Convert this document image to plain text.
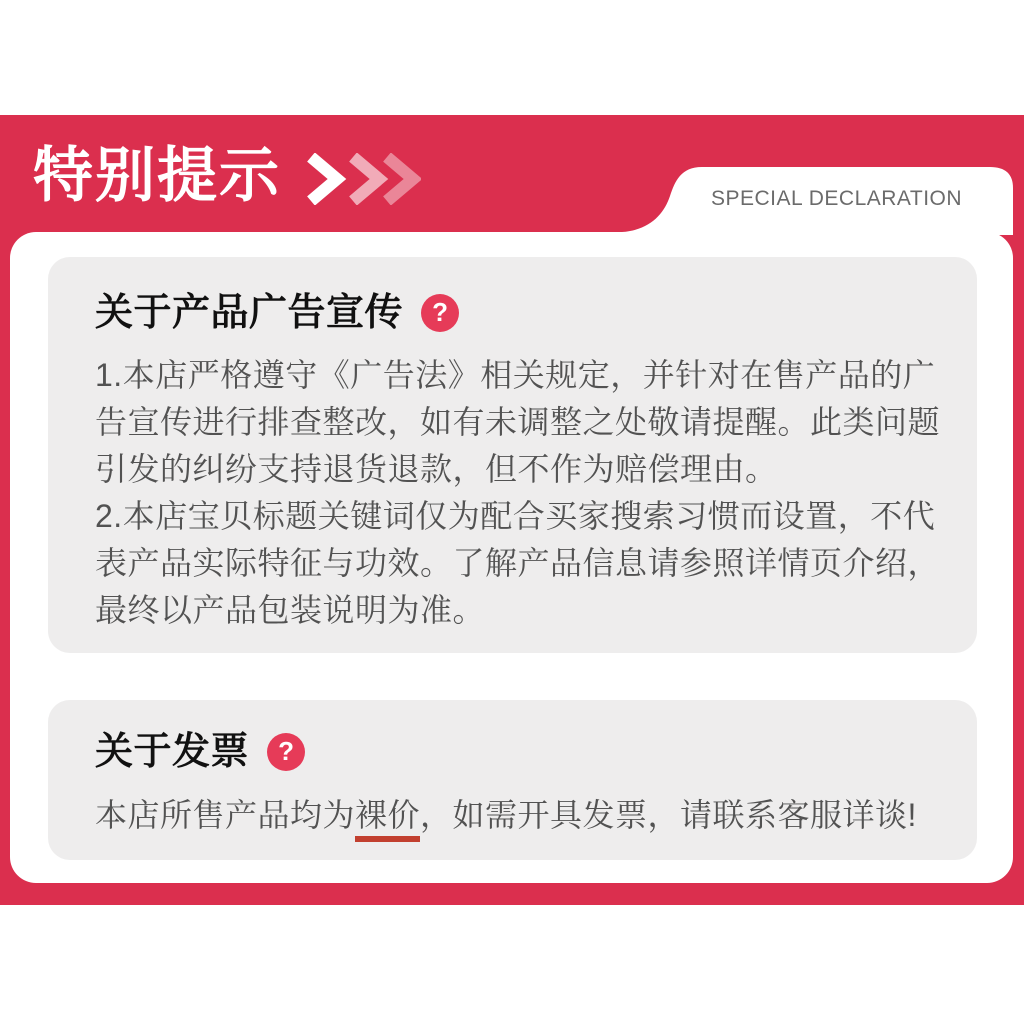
特别提示	SPECIAL DECLARATION
关于产品广告宣传 ?
1.本店严格遵守《广告法》相关规定，并针对在售产品的广
告宣传进行排查整改，如有未调整之处敬请提醒。此类问题
引发的纠纷支持退货退款，但不作为赔偿理由。
2.本店宝贝标题关键词仅为配合买家搜索习惯而设置，不代
表产品实际特征与功效。了解产品信息请参照详情页介绍，
最终以产品包装说明为准。
关于发票 ?
本店所售产品均为裸价，如需开具发票，请联系客服详谈!
